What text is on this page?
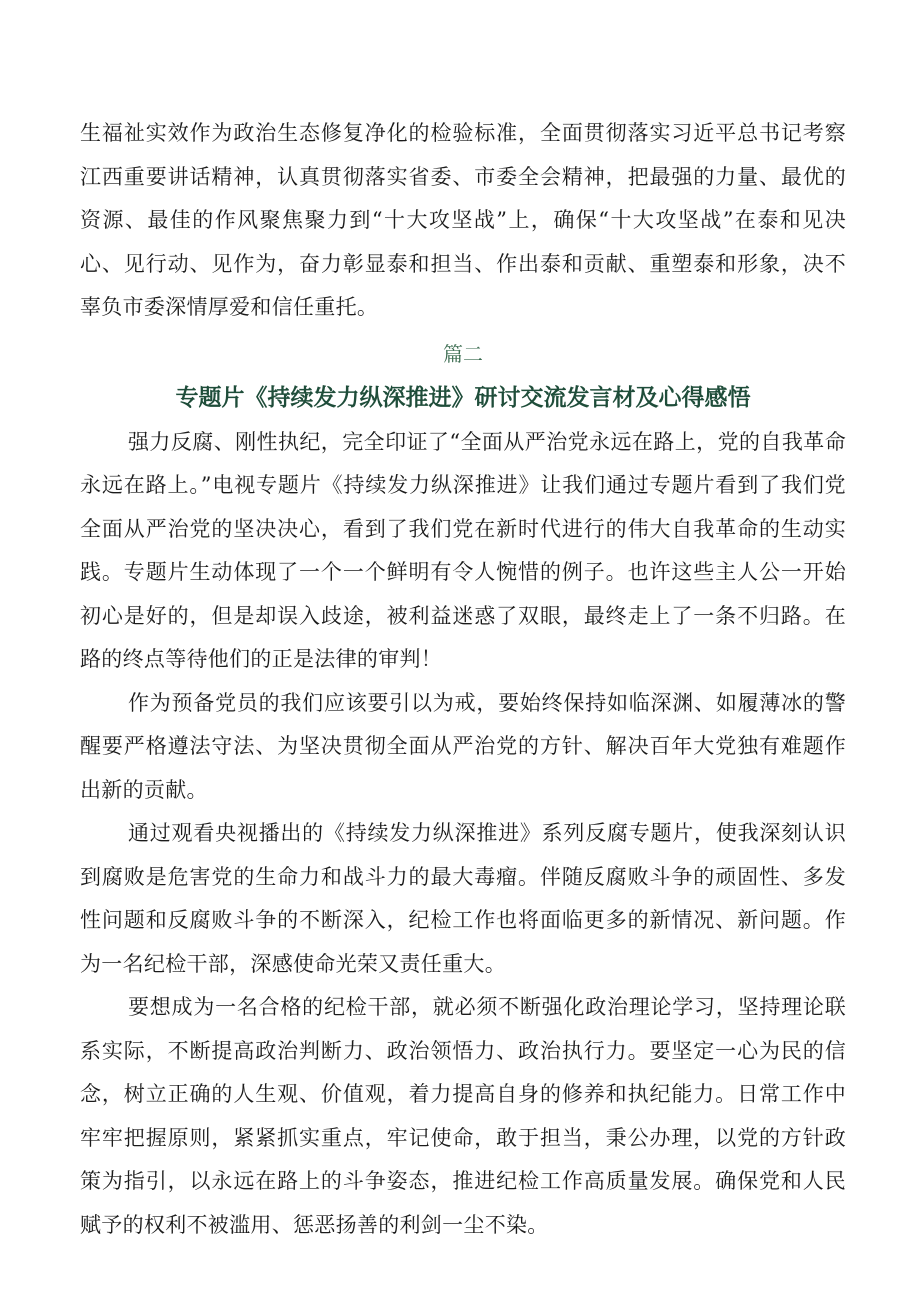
生福祉实效作为政治生态修复净化的检验标准，全面贯彻落实习近平总书记考察江西重要讲话精神，认真贯彻落实省委、市委全会精神，把最强的力量、最优的资源、最佳的作风聚焦聚力到“十大攻坚战”上，确保“十大攻坚战”在泰和见决心、见行动、见作为，奋力彰显泰和担当、作出泰和贡献、重塑泰和形象，决不辜负市委深情厚爱和信任重托。

篇二
专题片《持续发力纵深推进》研讨交流发言材及心得感悟

强力反腐、刚性执纪，完全印证了“全面从严治党永远在路上，党的自我革命永远在路上。”电视专题片《持续发力纵深推进》让我们通过专题片看到了我们党全面从严治党的坚决决心，看到了我们党在新时代进行的伟大自我革命的生动实践。专题片生动体现了一个一个鲜明有令人惋惜的例子。也许这些主人公一开始初心是好的，但是却误入歧途，被利益迷惑了双眼，最终走上了一条不归路。在路的终点等待他们的正是法律的审判！

作为预备党员的我们应该要引以为戒，要始终保持如临深渊、如履薄冰的警醒要严格遵法守法、为坚决贯彻全面从严治党的方针、解决百年大党独有难题作出新的贡献。

通过观看央视播出的《持续发力纵深推进》系列反腐专题片，使我深刻认识到腐败是危害党的生命力和战斗力的最大毒瘤。伴随反腐败斗争的顽固性、多发性问题和反腐败斗争的不断深入，纪检工作也将面临更多的新情况、新问题。作为一名纪检干部，深感使命光荣又责任重大。

要想成为一名合格的纪检干部，就必须不断强化政治理论学习，坚持理论联系实际，不断提高政治判断力、政治领悟力、政治执行力。要坚定一心为民的信念，树立正确的人生观、价值观，着力提高自身的修养和执纪能力。日常工作中牢牢把握原则，紧紧抓实重点，牢记使命，敢于担当，秉公办理，以党的方针政策为指引，以永远在路上的斗争姿态，推进纪检工作高质量发展。确保党和人民赋予的权利不被滥用、惩恶扬善的利剑一尘不染。
